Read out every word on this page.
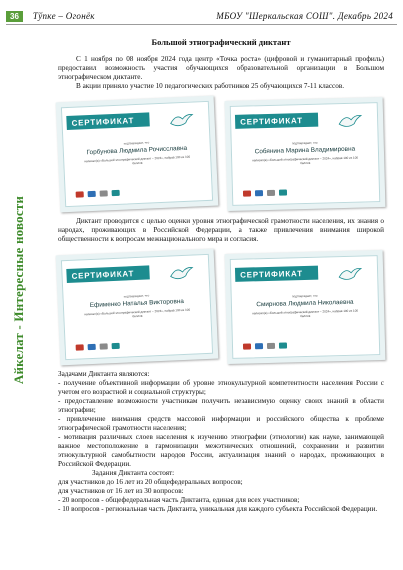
36	Тўпке – Огонёк	МБОУ "Шеркальская СОШ". Декабрь 2024
Айкелат - Интересные новости
Большой этнографический диктант

С 1 ноября по 08 ноября 2024 года центр «Точка роста» (цифровой и гуманитарный профиль) предоставил возможность участия обучающихся образовательной организации в Большом этнографическом диктанте.

В акции приняло участие 10 педагогических работников 25 обучающихся 7-11 классов.

СЕРТИФИКАТ
подтверждает, что
Горбунова Людмила Рочисславна
написал(а) «Большой этнографический диктант – 2024», набрав 100 из 100 баллов
СЕРТИФИКАТ
подтверждает, что
Собянина Марина Владимировна
написал(а) «Большой этнографический диктант – 2024», набрав 100 из 100 баллов

Диктант проводится с целью оценки уровня этнографической грамотности населения, их знания о народах, проживающих в Российской Федерации, а также привлечения внимания широкой общественности к вопросам межнационального мира и согласия.

СЕРТИФИКАТ
подтверждает, что
Ефименко Наталья Викторовна
написал(а) «Большой этнографический диктант – 2024», набрав 100 из 100 баллов
СЕРТИФИКАТ
подтверждает, что
Смирнова Людмила Николаевна
написал(а) «Большой этнографический диктант – 2024», набрав 100 из 100 баллов

Задачами Диктанта являются:

- получение объективной информации об уровне этнокультурной компетентности населения России с учетом его возрастной и социальной структуры;

- предоставление возможности участникам получить независимую оценку своих знаний в области этнографии;

- привлечение внимания средств массовой информации и российского общества к проблеме этнографической грамотности населения;

- мотивация различных слоев населения к изучению этнографии (этнологии) как науке, занимающей важное местоположение в гармонизации межэтнических отношений, сохранении и развитии этнокультурной самобытности народов России, актуализация знаний о народах, проживающих в Российской Федерации.

Задания Диктанта состоят:

для участников до 16 лет из 20 общефедеральных вопросов;

для участников от 16 лет из 30 вопросов:

- 20 вопросов - общефедеральная часть Диктанта, единая для всех участников;

- 10 вопросов - региональная часть Диктанта, уникальная для каждого субъекта Российской Федерации.
